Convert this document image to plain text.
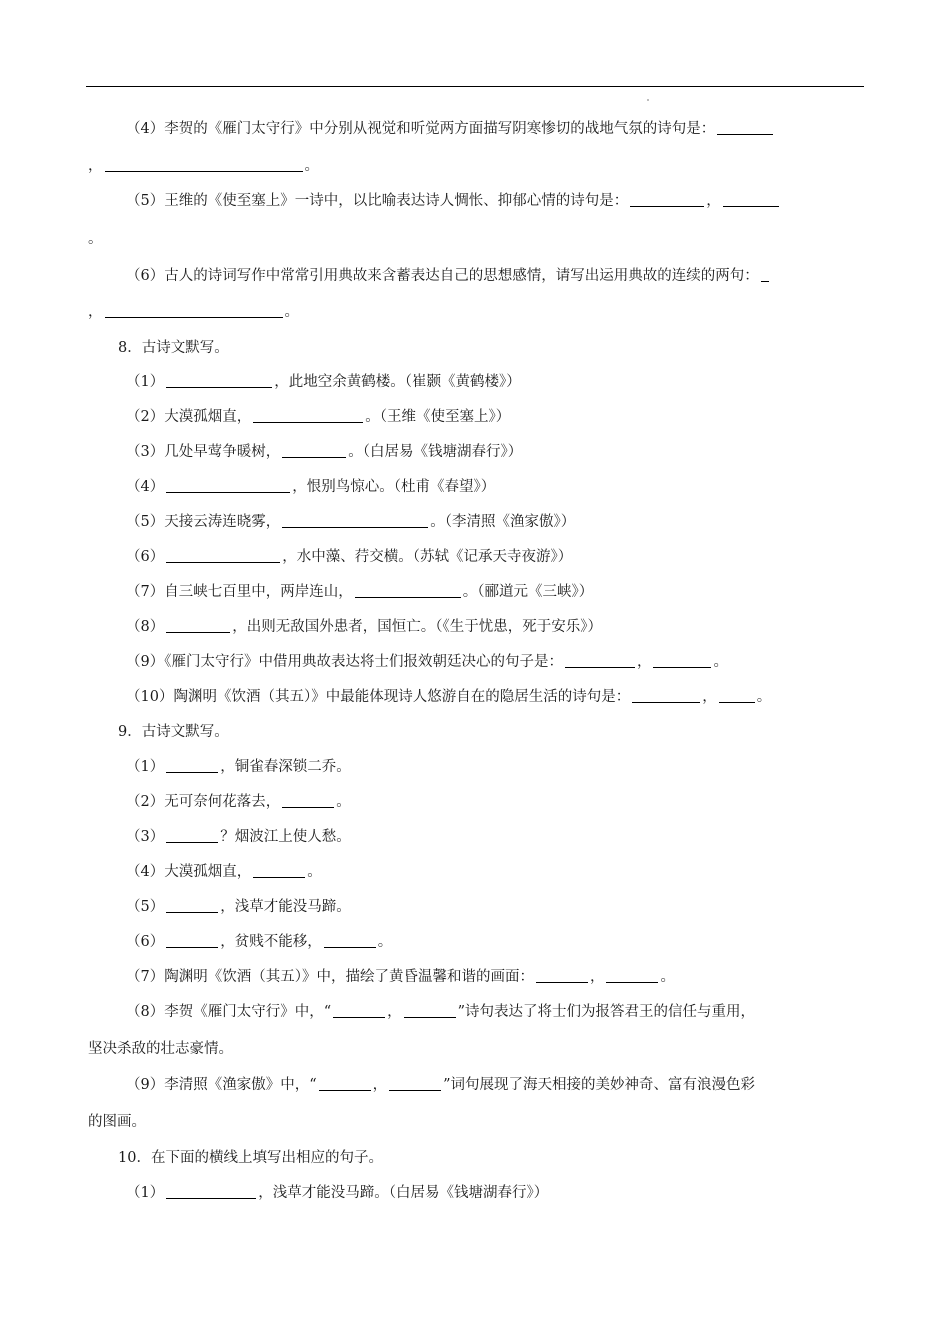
（4）李贺的《雁门太守行》中分别从视觉和听觉两方面描写阴寒惨切的战地气氛的诗句是：
，	。
（5）王维的《使至塞上》一诗中，以比喻表达诗人惆怅、抑郁心情的诗句是：	，
。
（6）古人的诗词写作中常常引用典故来含蓄表达自己的思想感情，请写出运用典故的连续的两句：
，	。
8．古诗文默写。
（1）	，此地空余黄鹤楼。（崔颢《黄鹤楼》）
（2）大漠孤烟直，	。（王维《使至塞上》）
（3）几处早莺争暖树，	。（白居易《钱塘湖春行》）
（4）	，恨别鸟惊心。（杜甫《春望》）
（5）天接云涛连晓雾，	。（李清照《渔家傲》）
（6）	，水中藻、荇交横。（苏轼《记承天寺夜游》）
（7）自三峡七百里中，两岸连山，	。（郦道元《三峡》）
（8）	，出则无敌国外患者，国恒亡。（《生于忧患，死于安乐》）
（9）《雁门太守行》中借用典故表达将士们报效朝廷决心的句子是：	，	。
（10）陶渊明《饮酒（其五）》中最能体现诗人悠游自在的隐居生活的诗句是：	，	。
9．古诗文默写。
（1）	，铜雀春深锁二乔。
（2）无可奈何花落去，	。
（3）	？烟波江上使人愁。
（4）大漠孤烟直，	。
（5）	，浅草才能没马蹄。
（6）	，贫贱不能移，	。
（7）陶渊明《饮酒（其五）》中，描绘了黄昏温馨和谐的画面：	，	。
（8）李贺《雁门太守行》中，“	，	”诗句表达了将士们为报答君王的信任与重用，
坚决杀敌的壮志豪情。
（9）李清照《渔家傲》中，“	，	”词句展现了海天相接的美妙神奇、富有浪漫色彩
的图画。
10．在下面的横线上填写出相应的句子。
（1）	，浅草才能没马蹄。（白居易《钱塘湖春行》）
